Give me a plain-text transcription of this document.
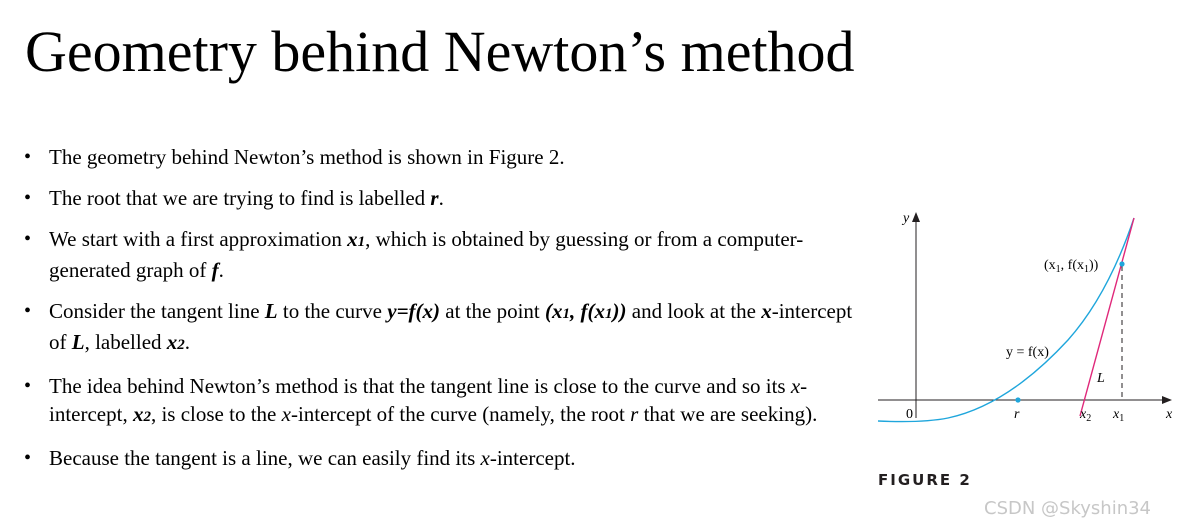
Geometry behind Newton’s method
• The geometry behind Newton’s method is shown in Figure 2.
• The root that we are trying to find is labelled r.
• We start with a first approximation x1, which is obtained by guessing or from a computer-generated graph of f.
• Consider the tangent line L to the curve y=f(x) at the point (x1, f(x1)) and look at the x-intercept of L, labelled x2.
• The idea behind Newton’s method is that the tangent line is close to the curve and so its x-intercept, x2, is close to the x-intercept of the curve (namely, the root r that we are seeking).
• Because the tangent is a line, we can easily find its x-intercept.
y
x
0	r
($x_1$, $f(x_1)$)
y = f(x)
L
$x_2$ $x_1$
FIGURE 2
CSDN @Skyshin34
